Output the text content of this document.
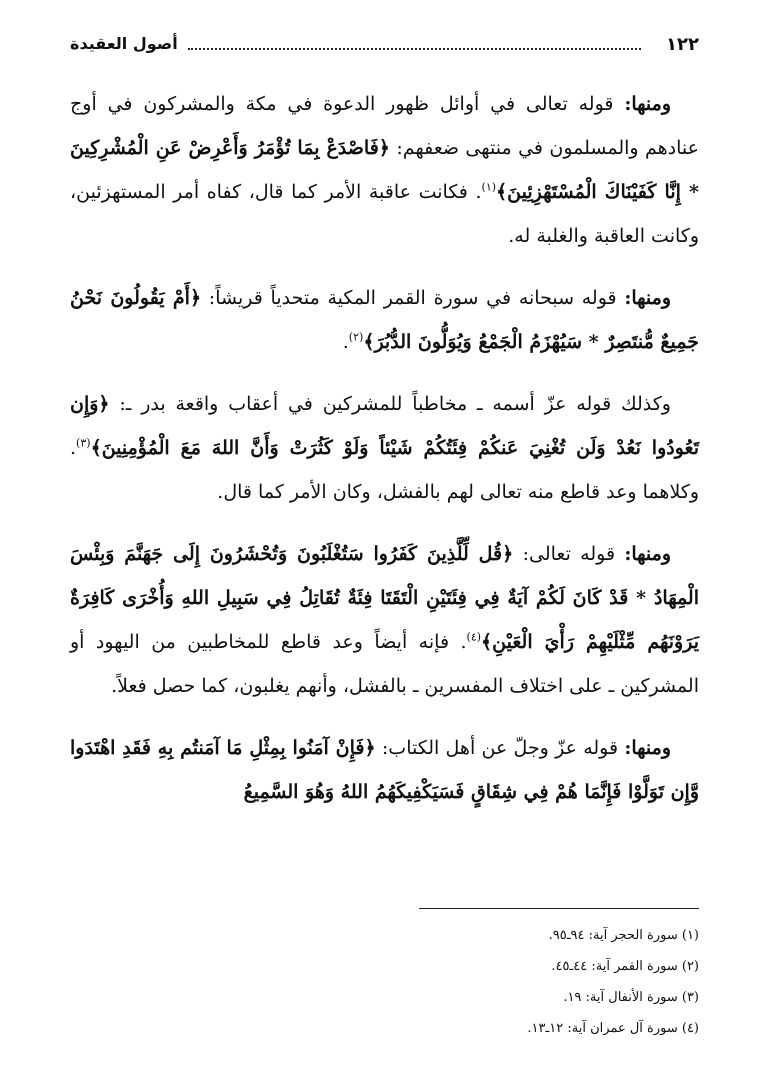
أصول العقيدة	١٢٢

ومنها: قوله تعالى في أوائل ظهور الدعوة في مكة والمشركون في أوج عنادهم والمسلمون في منتهى ضعفهم: ﴿فَاصْدَعْ بِمَا تُؤْمَرُ وَأَعْرِضْ عَنِ الْمُشْرِكِينَ * إِنَّا كَفَيْنَاكَ الْمُسْتَهْزِئِينَ﴾$^{(١)}$. فكانت عاقبة الأمر كما قال، كفاه أمر المستهزئين، وكانت العاقبة والغلبة له.

ومنها: قوله سبحانه في سورة القمر المكية متحدياً قريشاً: ﴿أَمْ يَقُولُونَ نَحْنُ جَمِيعٌ مُّنتَصِرٌ * سَيُهْزَمُ الْجَمْعُ وَيُوَلُّونَ الدُّبُرَ﴾$^{(٢)}$.

وكذلك قوله عزّ أسمه ـ مخاطباً للمشركين في أعقاب واقعة بدر ـ: ﴿وَإِن تَعُودُوا نَعُدْ وَلَن تُغْنِيَ عَنكُمْ فِئَتُكُمْ شَيْئاً وَلَوْ كَثُرَتْ وَأَنَّ اللهَ مَعَ الْمُؤْمِنِينَ﴾$^{(٣)}$. وكلاهما وعد قاطع منه تعالى لهم بالفشل، وكان الأمر كما قال.

ومنها: قوله تعالى: ﴿قُل لِّلَّذِينَ كَفَرُوا سَتُغْلَبُونَ وَتُحْشَرُونَ إِلَى جَهَنَّمَ وَبِئْسَ الْمِهَادُ * قَدْ كَانَ لَكُمْ آيَةٌ فِي فِئَتَيْنِ الْتَقَتَا فِئَةٌ تُقَاتِلُ فِي سَبِيلِ اللهِ وَأُخْرَى كَافِرَةٌ يَرَوْنَهُم مِّثْلَيْهِمْ رَأْيَ الْعَيْنِ﴾$^{(٤)}$. فإنه أيضاً وعد قاطع للمخاطبين من اليهود أو المشركين ـ على اختلاف المفسرين ـ بالفشل، وأنهم يغلبون، كما حصل فعلاً.

ومنها: قوله عزّ وجلّ عن أهل الكتاب: ﴿فَإِنْ آمَنُوا بِمِثْلِ مَا آمَنتُم بِهِ فَقَدِ اهْتَدَوا وَّإِن تَوَلَّوْا فَإِنَّمَا هُمْ فِي شِقَاقٍ فَسَيَكْفِيكَهُمُ اللهُ وَهُوَ السَّمِيعُ

(١) سورة الحجر آية: ٩٤ـ٩٥.
(٢) سورة القمر آية: ٤٤ـ٤٥.
(٣) سورة الأنفال آية: ١٩.
(٤) سورة آل عمران آية: ١٢ـ١٣.
